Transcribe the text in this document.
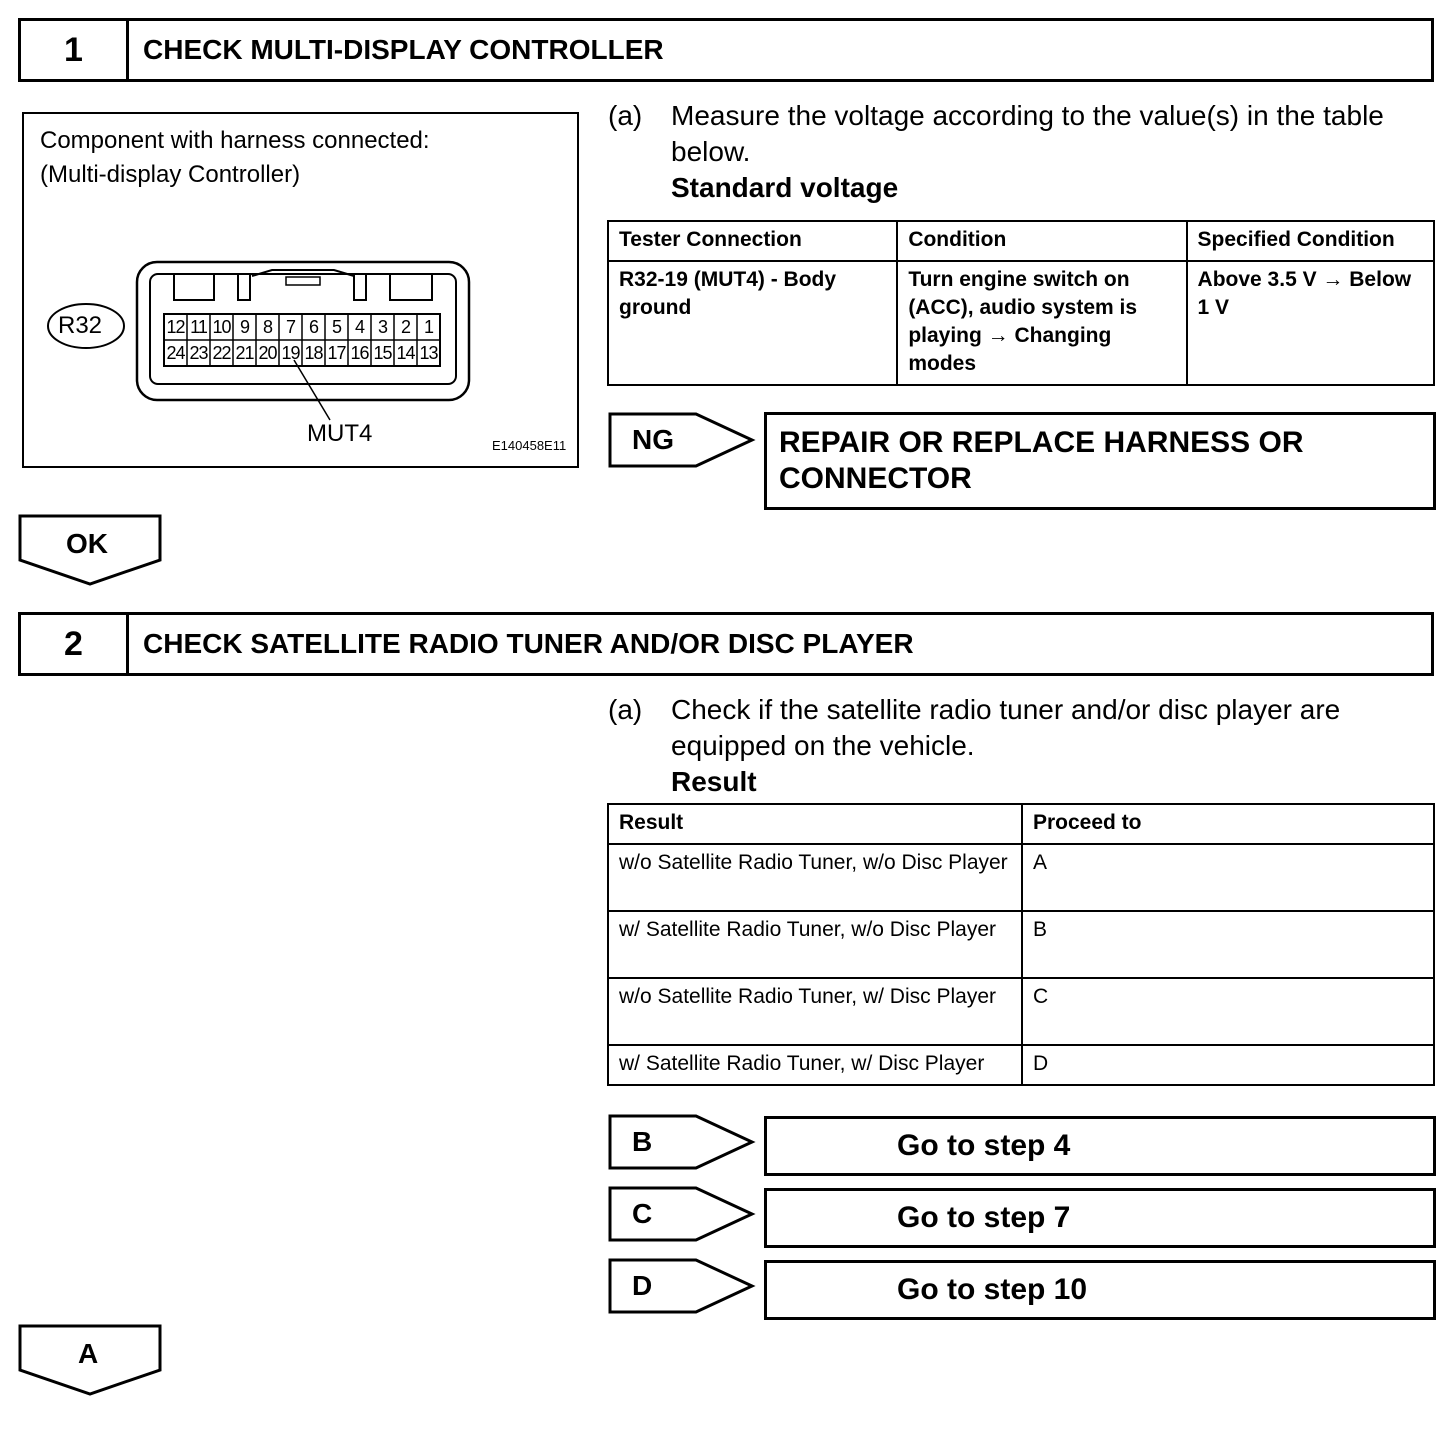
1	CHECK MULTI-DISPLAY CONTROLLER
Component with harness connected:
(Multi-display Controller)
R32	12 11 10 9 8 7 6 5 4 3 2 1
24 23 22 21 20 19 18 17 16 15 14 13
MUT4	E140458E11
(a) Measure the voltage according to the value(s) in the table below.
Standard voltage
Tester Connection	Condition	Specified Condition
R32-19 (MUT4) - Body ground	Turn engine switch on (ACC), audio system is playing → Changing modes	Above 3.5 V → Below 1 V
NG	REPAIR OR REPLACE HARNESS OR
CONNECTOR
OK
2	CHECK SATELLITE RADIO TUNER AND/OR DISC PLAYER
(a) Check if the satellite radio tuner and/or disc player are equipped on the vehicle.
Result
Result	Proceed to
w/o Satellite Radio Tuner, w/o Disc Player	A
w/ Satellite Radio Tuner, w/o Disc Player	B
w/o Satellite Radio Tuner, w/ Disc Player	C
w/ Satellite Radio Tuner, w/ Disc Player	D
B	Go to step 4
C	Go to step 7
D	Go to step 10
A
